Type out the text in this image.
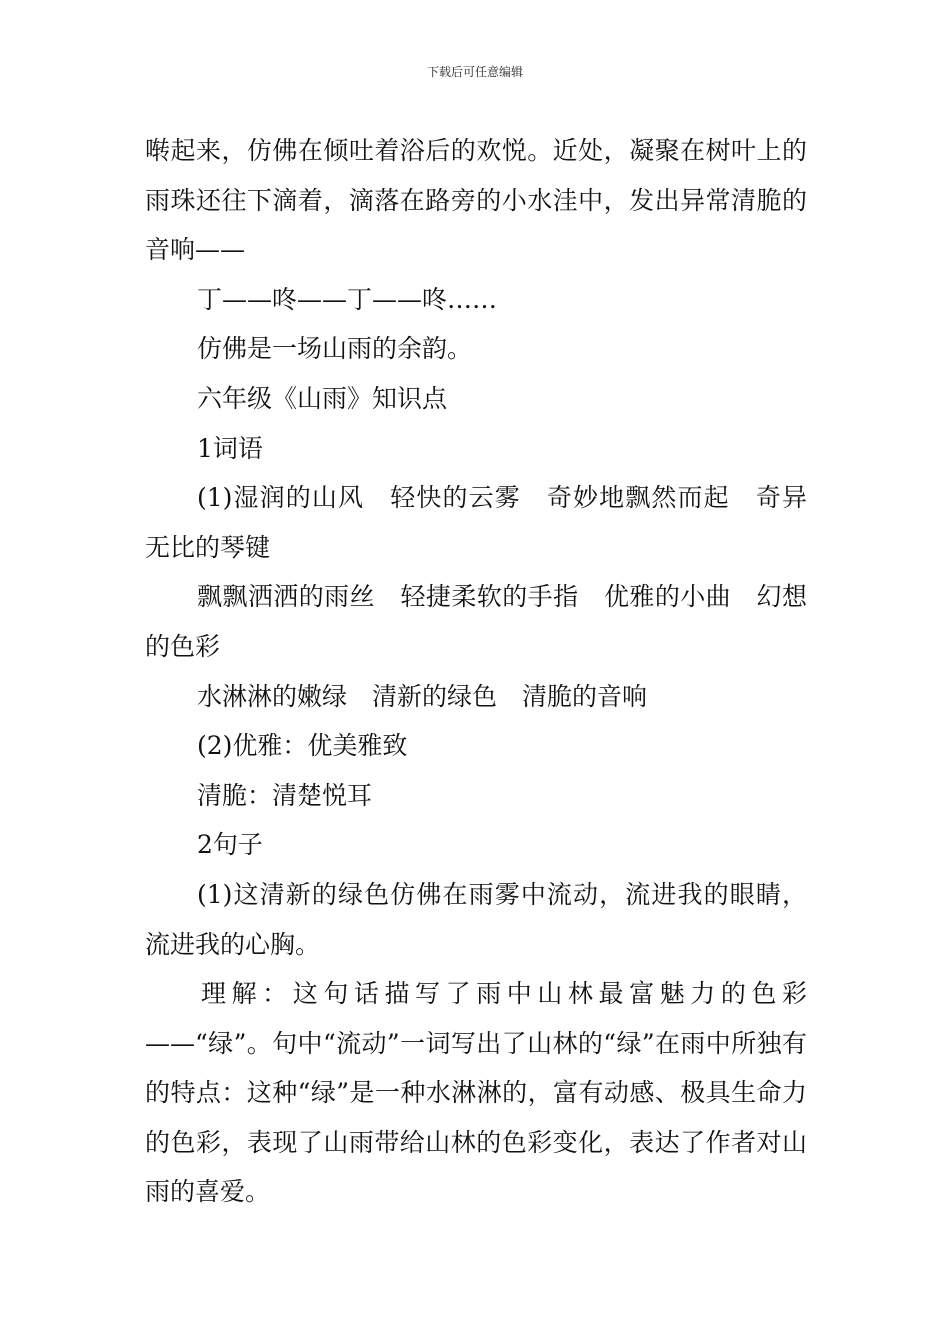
下载后可任意编辑

啭起来，仿佛在倾吐着浴后的欢悦。近处，凝聚在树叶上的雨珠还往下滴着，滴落在路旁的小水洼中，发出异常清脆的音响——

丁——咚——丁——咚……

仿佛是一场山雨的余韵。

六年级《山雨》知识点

1词语

(1)湿润的山风　轻快的云雾　奇妙地飘然而起　奇异无比的琴键

飘飘洒洒的雨丝　轻捷柔软的手指　优雅的小曲　幻想的色彩

水淋淋的嫩绿　清新的绿色　清脆的音响

(2)优雅：优美雅致

清脆：清楚悦耳

2句子

(1)这清新的绿色仿佛在雨雾中流动，流进我的眼睛，流进我的心胸。

理解：这句话描写了雨中山林最富魅力的色彩——“绿”。句中“流动”一词写出了山林的“绿”在雨中所独有的特点：这种“绿”是一种水淋淋的，富有动感、极具生命力的色彩，表现了山雨带给山林的色彩变化，表达了作者对山雨的喜爱。
